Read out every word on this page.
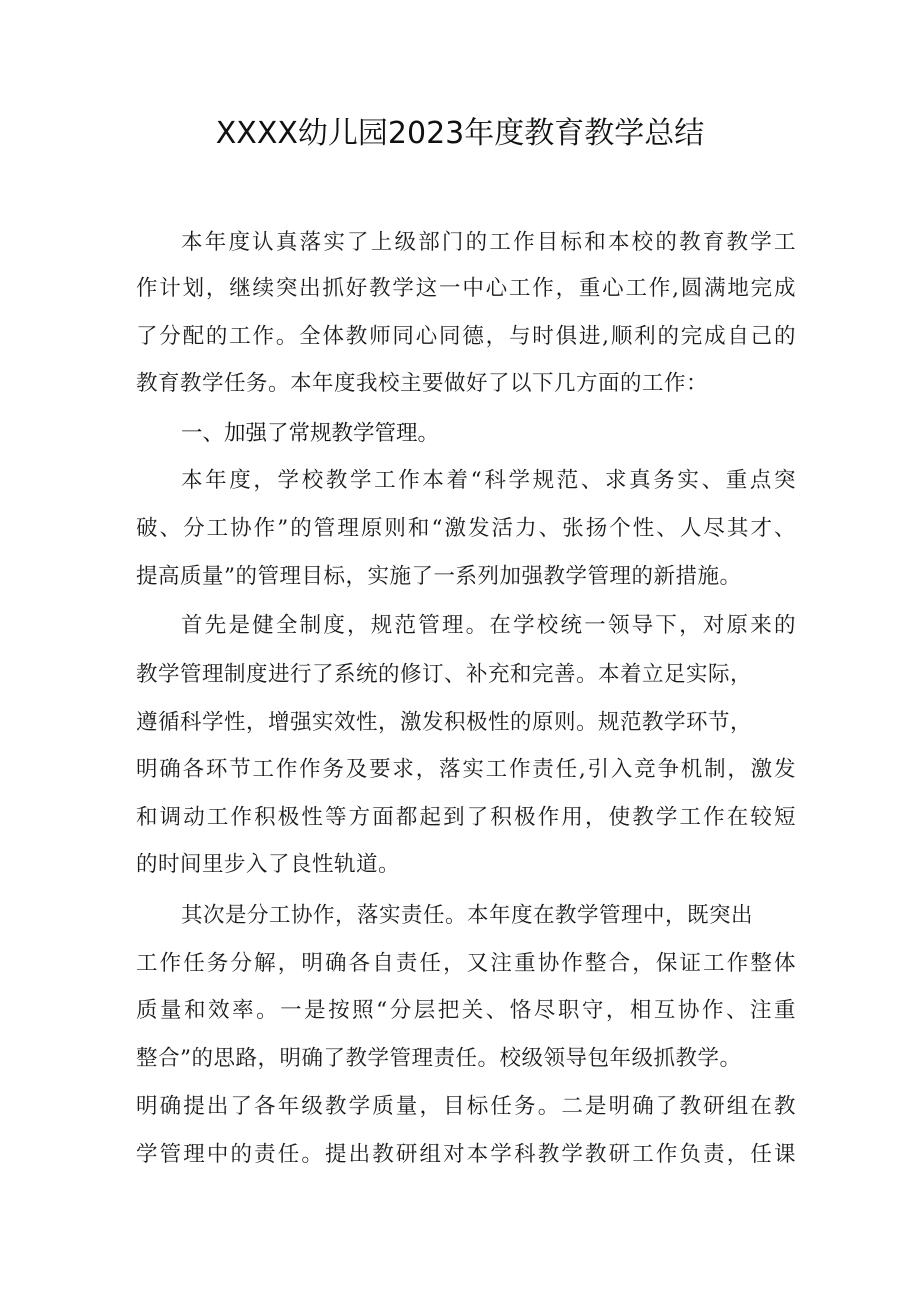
XXXX幼儿园2023年度教育教学总结
本年度认真落实了上级部门的工作目标和本校的教育教学工
作计划，继续突出抓好教学这一中心工作，重心工作,圆满地完成
了分配的工作。全体教师同心同德，与时俱进,顺利的完成自己的
教育教学任务。本年度我校主要做好了以下几方面的工作：
一、加强了常规教学管理。
本年度，学校教学工作本着“科学规范、求真务实、重点突
破、分工协作”的管理原则和“激发活力、张扬个性、人尽其才、
提高质量”的管理目标，实施了一系列加强教学管理的新措施。
首先是健全制度，规范管理。在学校统一领导下，对原来的
教学管理制度进行了系统的修订、补充和完善。本着立足实际，
遵循科学性，增强实效性，激发积极性的原则。规范教学环节，
明确各环节工作作务及要求，落实工作责任,引入竞争机制，激发
和调动工作积极性等方面都起到了积极作用，使教学工作在较短
的时间里步入了良性轨道。
其次是分工协作，落实责任。本年度在教学管理中，既突出
工作任务分解，明确各自责任，又注重协作整合，保证工作整体
质量和效率。一是按照“分层把关、恪尽职守，相互协作、注重
整合”的思路，明确了教学管理责任。校级领导包年级抓教学。
明确提出了各年级教学质量，目标任务。二是明确了教研组在教
学管理中的责任。提出教研组对本学科教学教研工作负责，任课
